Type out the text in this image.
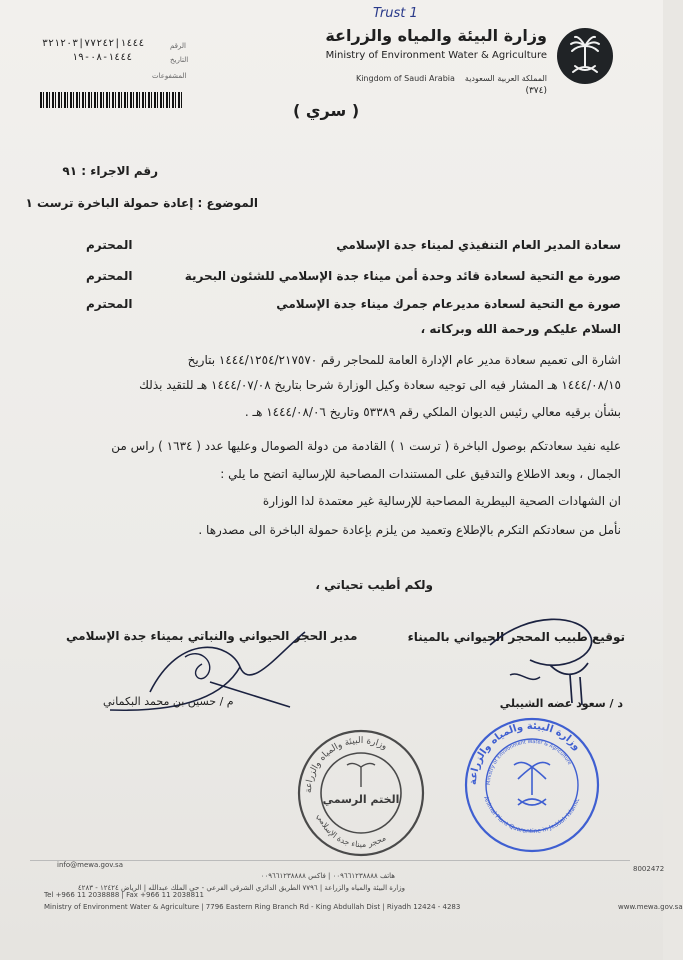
Trust 1
وزارة البيئة والمياه والزراعة
Ministry of Environment Water & Agriculture
Kingdom of Saudi Arabia المملكة العربية السعودية
(٣٧٤)
١٤٤٤|٧٧٢٤٢|٣٢١٢٠٣
١٤٤٤-٠٨-١٩
الرقم
التاريخ
المشفوعات
( سري )
رقم الاجراء : ٩١
الموضوع : إعادة حمولة الباخرة ترست ١
سعادة المدير العام التنفيذي لميناء جدة الإسلامي
المحترم
صورة مع التحية لسعادة قائد وحدة أمن ميناء جدة الإسلامي للشئون البحرية
المحترم
صورة مع التحية لسعادة مديرعام جمرك ميناء جدة الإسلامي
المحترم
السلام عليكم ورحمة الله وبركاته ،
اشارة الى تعميم سعادة مدير عام الإدارة العامة للمحاجر رقم ١٤٤٤/١٢٥٤/٢١٧٥٧٠ بتاريخ
١٤٤٤/٠٨/١٥ هـ المشار فيه الى توجيه سعادة وكيل الوزارة شرحا بتاريخ ١٤٤٤/٠٧/٠٨ هـ للتقيد بذلك
بشأن برقيه معالي رئيس الديوان الملكي رقم ٥٣٣٨٩ وتاريخ ١٤٤٤/٠٨/٠٦ هـ .
عليه نفيد سعادتكم بوصول الباخرة ( ترست ١ ) القادمة من دولة الصومال وعليها عدد ( ١٦٣٤ ) راس من
الجمال ، وبعد الاطلاع والتدقيق على المستندات المصاحبة للإرسالية اتضح ما يلي :
ان الشهادات الصحية البيطرية المصاحبة للإرسالية غير معتمدة لدا الوزارة
نأمل من سعادتكم التكرم بالإطلاع وتعميد من يلزم بإعادة حمولة الباخرة الى مصدرها .
ولكم أطيب تحياتي ،
مدير الحجر الحيواني والنباتي بميناء جدة الإسلامي	توقيع طبيب المحجر الحيواني بالميناء
م / حسين بن محمد البكماني	د / سعود عضه الشيبلي
وزارة البيئة والمياه والزراعة
محجر ميناء جدة الإسلامي
الختم الرسمي
وزارة البيئة والمياه والزراعة
Ministry of Environment Water & Agriculture
Animal Plant Quarantine in Jeddah Islamic
info@mewa.gov.sa
هاتف ٠٠٩٦٦١٢٣٨٨٨٨ | فاكس ٠٠٩٦٦١٢٣٨٨٨٨
وزارة البيئة والمياه والزراعة | ٧٧٩٦ الطريق الدائري الشرقي الفرعي - حي الملك عبدالله | الرياض ١٢٤٢٤ - ٤٢٨٣
Tel +966 11 2038888 | Fax +966 11 2038811
Ministry of Environment Water & Agriculture | 7796 Eastern Ring Branch Rd - King Abdullah Dist | Riyadh 12424 - 4283
8002472
www.mewa.gov.sa
